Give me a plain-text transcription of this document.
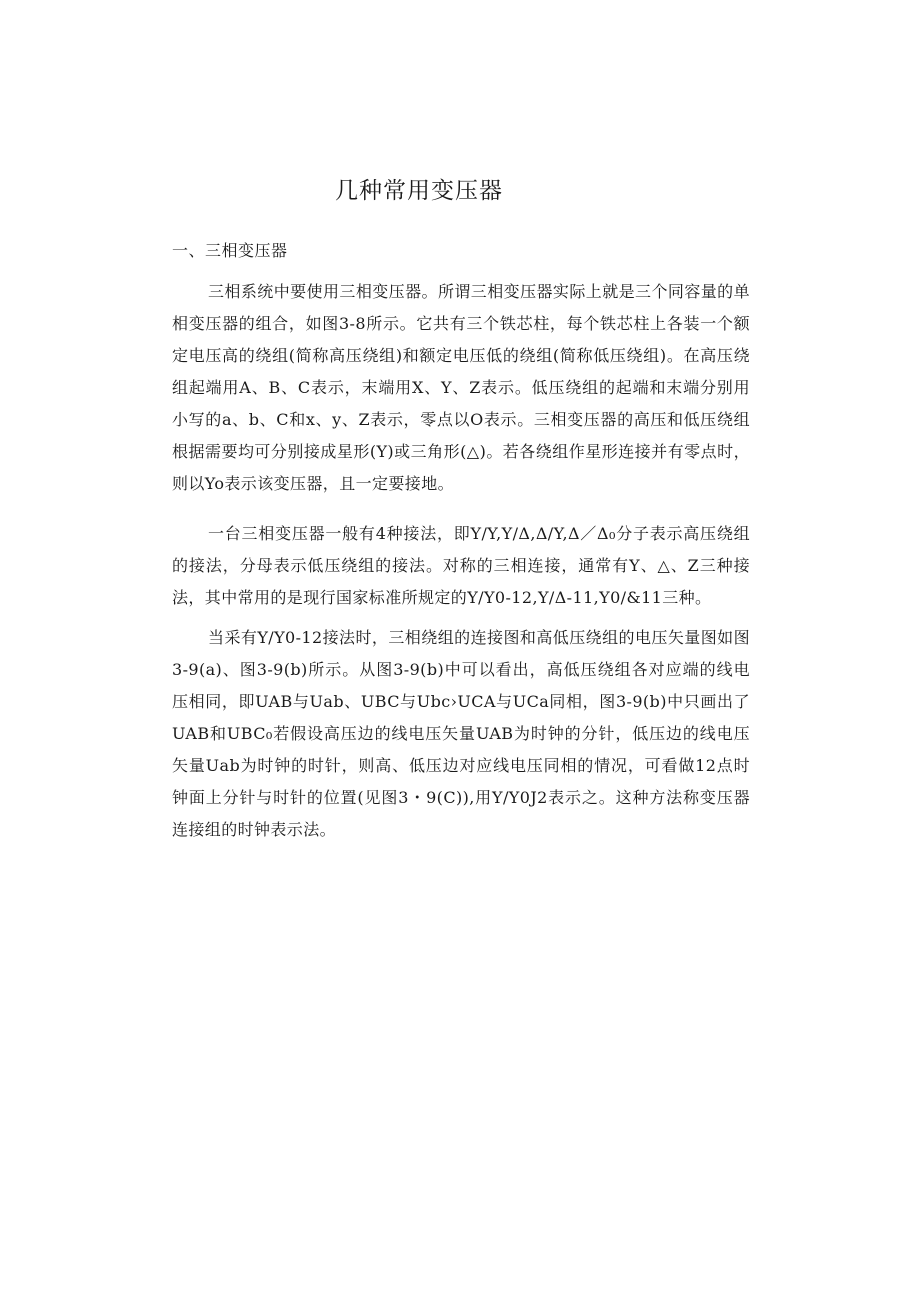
几种常用变压器
一、三相变压器

三相系统中要使用三相变压器。所谓三相变压器实际上就是三个同容量的单相变压器的组合，如图3-8所示。它共有三个铁芯柱，每个铁芯柱上各装一个额定电压高的绕组(简称高压绕组)和额定电压低的绕组(简称低压绕组)。在高压绕组起端用A、B、C表示，末端用X、Y、Z表示。低压绕组的起端和末端分别用小写的a、b、C和x、y、Z表示，零点以O表示。三相变压器的高压和低压绕组根据需要均可分别接成星形(Y)或三角形(△)。若各绕组作星形连接并有零点时，则以Yo表示该变压器，且一定要接地。

一台三相变压器一般有4种接法，即Y/Y,Y/Δ,Δ/Y,Δ／Δ₀分子表示高压绕组的接法，分母表示低压绕组的接法。对称的三相连接，通常有Y、△、Z三种接法，其中常用的是现行国家标准所规定的Y/Y0-12,Y/Δ-11,Y0/&11三种。

当采有Y/Y0-12接法时，三相绕组的连接图和高低压绕组的电压矢量图如图3-9(a)、图3-9(b)所示。从图3-9(b)中可以看出，高低压绕组各对应端的线电压相同，即UAB与Uab、UBC与Ubc›UCA与UCa同相，图3-9(b)中只画出了UAB和UBC₀若假设高压边的线电压矢量UAB为时钟的分针，低压边的线电压矢量Uab为时钟的时针，则高、低压边对应线电压同相的情况，可看做12点时钟面上分针与时针的位置(见图3・9(C)),用Y/Y0J2表示之。这种方法称变压器连接组的时钟表示法。
